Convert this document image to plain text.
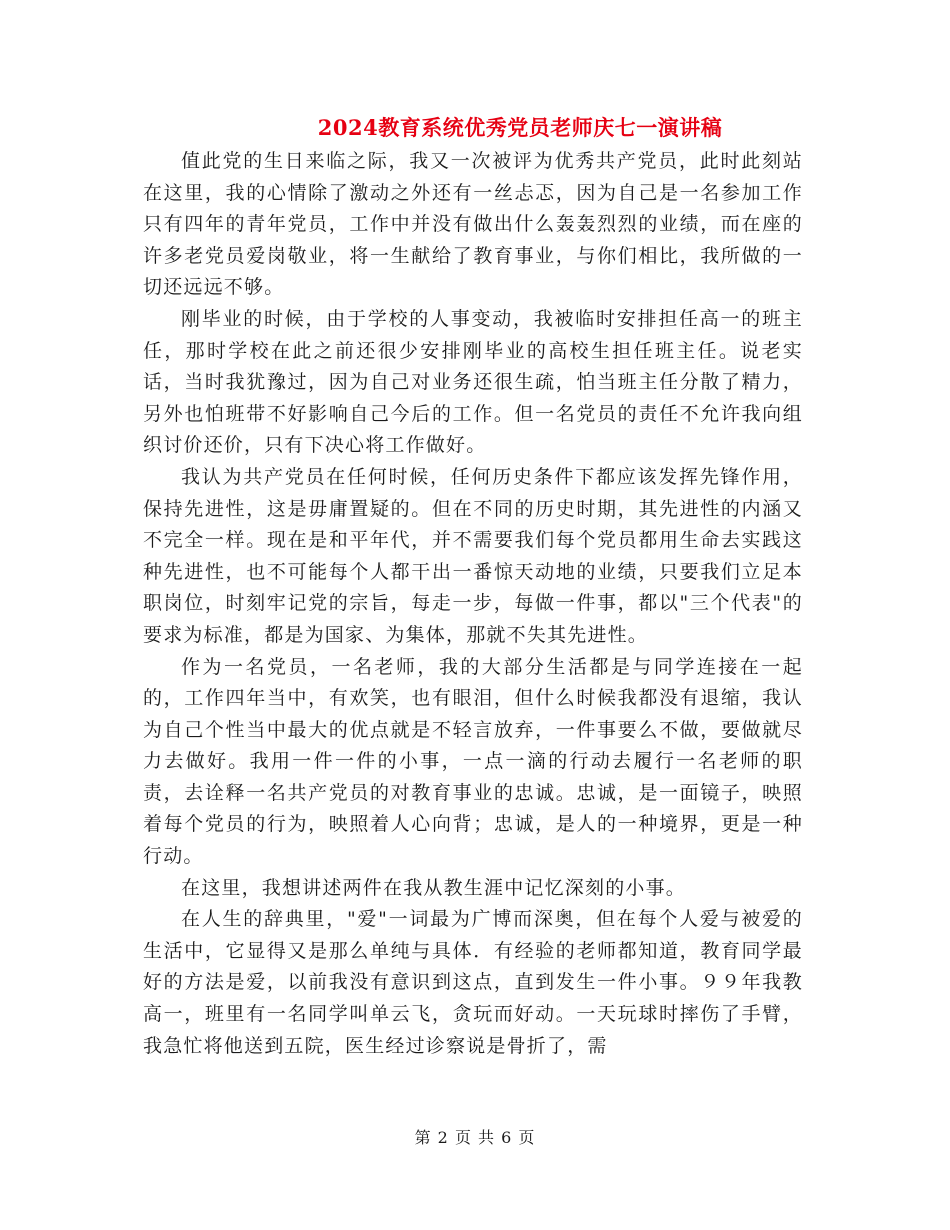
2024教育系统优秀党员老师庆七一演讲稿

值此党的生日来临之际，我又一次被评为优秀共产党员，此时此刻站在这里，我的心情除了激动之外还有一丝忐忑，因为自己是一名参加工作只有四年的青年党员，工作中并没有做出什么轰轰烈烈的业绩，而在座的许多老党员爱岗敬业，将一生献给了教育事业，与你们相比，我所做的一切还远远不够。

刚毕业的时候，由于学校的人事变动，我被临时安排担任高一的班主任，那时学校在此之前还很少安排刚毕业的高校生担任班主任。说老实话，当时我犹豫过，因为自己对业务还很生疏，怕当班主任分散了精力，另外也怕班带不好影响自己今后的工作。但一名党员的责任不允许我向组织讨价还价，只有下决心将工作做好。

我认为共产党员在任何时候，任何历史条件下都应该发挥先锋作用，保持先进性，这是毋庸置疑的。但在不同的历史时期，其先进性的内涵又不完全一样。现在是和平年代，并不需要我们每个党员都用生命去实践这种先进性，也不可能每个人都干出一番惊天动地的业绩，只要我们立足本职岗位，时刻牢记党的宗旨，每走一步，每做一件事，都以"三个代表"的要求为标准，都是为国家、为集体，那就不失其先进性。

作为一名党员，一名老师，我的大部分生活都是与同学连接在一起的，工作四年当中，有欢笑，也有眼泪，但什么时候我都没有退缩，我认为自己个性当中最大的优点就是不轻言放弃，一件事要么不做，要做就尽力去做好。我用一件一件的小事，一点一滴的行动去履行一名老师的职责，去诠释一名共产党员的对教育事业的忠诚。忠诚，是一面镜子，映照着每个党员的行为，映照着人心向背；忠诚，是人的一种境界，更是一种行动。

在这里，我想讲述两件在我从教生涯中记忆深刻的小事。

在人生的辞典里，"爱"一词最为广博而深奥，但在每个人爱与被爱的生活中，它显得又是那么单纯与具体．有经验的老师都知道，教育同学最好的方法是爱，以前我没有意识到这点，直到发生一件小事。９９年我教高一，班里有一名同学叫单云飞，贪玩而好动。一天玩球时摔伤了手臂，我急忙将他送到五院，医生经过诊察说是骨折了，需

第 2 页 共 6 页
